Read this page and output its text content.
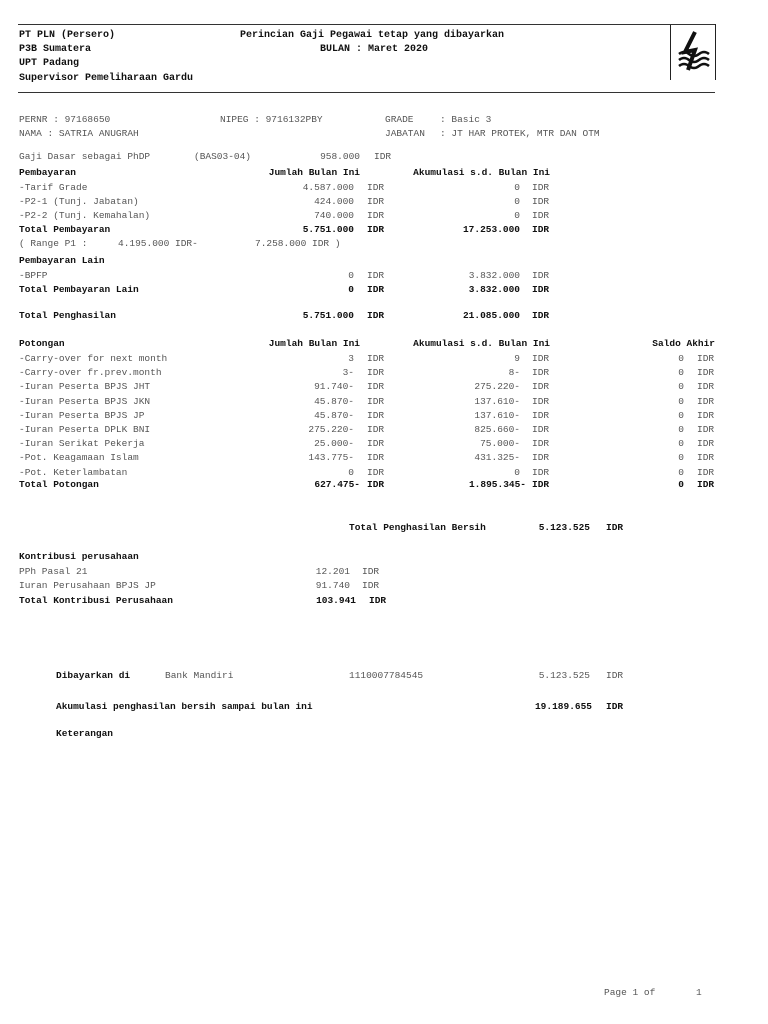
PT PLN (Persero)
P3B Sumatera
UPT Padang
Supervisor Pemeliharaan Gardu
Perincian Gaji Pegawai tetap yang dibayarkan
BULAN : Maret 2020
PERNR : 97168650	NIPEG : 9716132PBY	GRADE	: Basic 3
NAMA : SATRIA ANUGRAH	JABATAN : JT HAR PROTEK, MTR DAN OTM
Gaji Dasar sebagai PhDP	(BAS03-04)	958.000 IDR
Pembayaran	Jumlah Bulan Ini	Akumulasi s.d. Bulan Ini
-Tarif Grade	4.587.000 IDR	0 IDR
-P2-1 (Tunj. Jabatan)	424.000 IDR	0 IDR
-P2-2 (Tunj. Kemahalan)	740.000 IDR	0 IDR
Total Pembayaran	5.751.000 IDR	17.253.000 IDR
( Range P1 :	4.195.000 IDR-	7.258.000 IDR )
Pembayaran Lain
-BPFP	0 IDR	3.832.000 IDR
Total Pembayaran Lain	0 IDR	3.832.000 IDR
Total Penghasilan	5.751.000 IDR	21.085.000 IDR
Potongan	Jumlah Bulan Ini	Akumulasi s.d. Bulan Ini	Saldo Akhir
-Carry-over for next month	3 IDR	9 IDR	0 IDR
-Carry-over fr.prev.month	3- IDR	8- IDR	0 IDR
-Iuran Peserta BPJS JHT	91.740- IDR	275.220- IDR	0 IDR
-Iuran Peserta BPJS JKN	45.870- IDR	137.610- IDR	0 IDR
-Iuran Peserta BPJS JP	45.870- IDR	137.610- IDR	0 IDR
-Iuran Peserta DPLK BNI	275.220- IDR	825.660- IDR	0 IDR
-Iuran Serikat Pekerja	25.000- IDR	75.000- IDR	0 IDR
-Pot. Keagamaan Islam	143.775- IDR	431.325- IDR	0 IDR
-Pot. Keterlambatan	0 IDR	0 IDR	0 IDR
Total Potongan	627.475- IDR	1.895.345- IDR	0 IDR
Total Penghasilan Bersih	5.123.525 IDR
Kontribusi perusahaan
PPh Pasal 21	12.201 IDR
Iuran Perusahaan BPJS JP	91.740 IDR
Total Kontribusi Perusahaan	103.941 IDR
Dibayarkan di	Bank Mandiri	1110007784545	5.123.525 IDR
Akumulasi penghasilan bersih sampai bulan ini	19.189.655 IDR
Keterangan
Page 1 of	1
